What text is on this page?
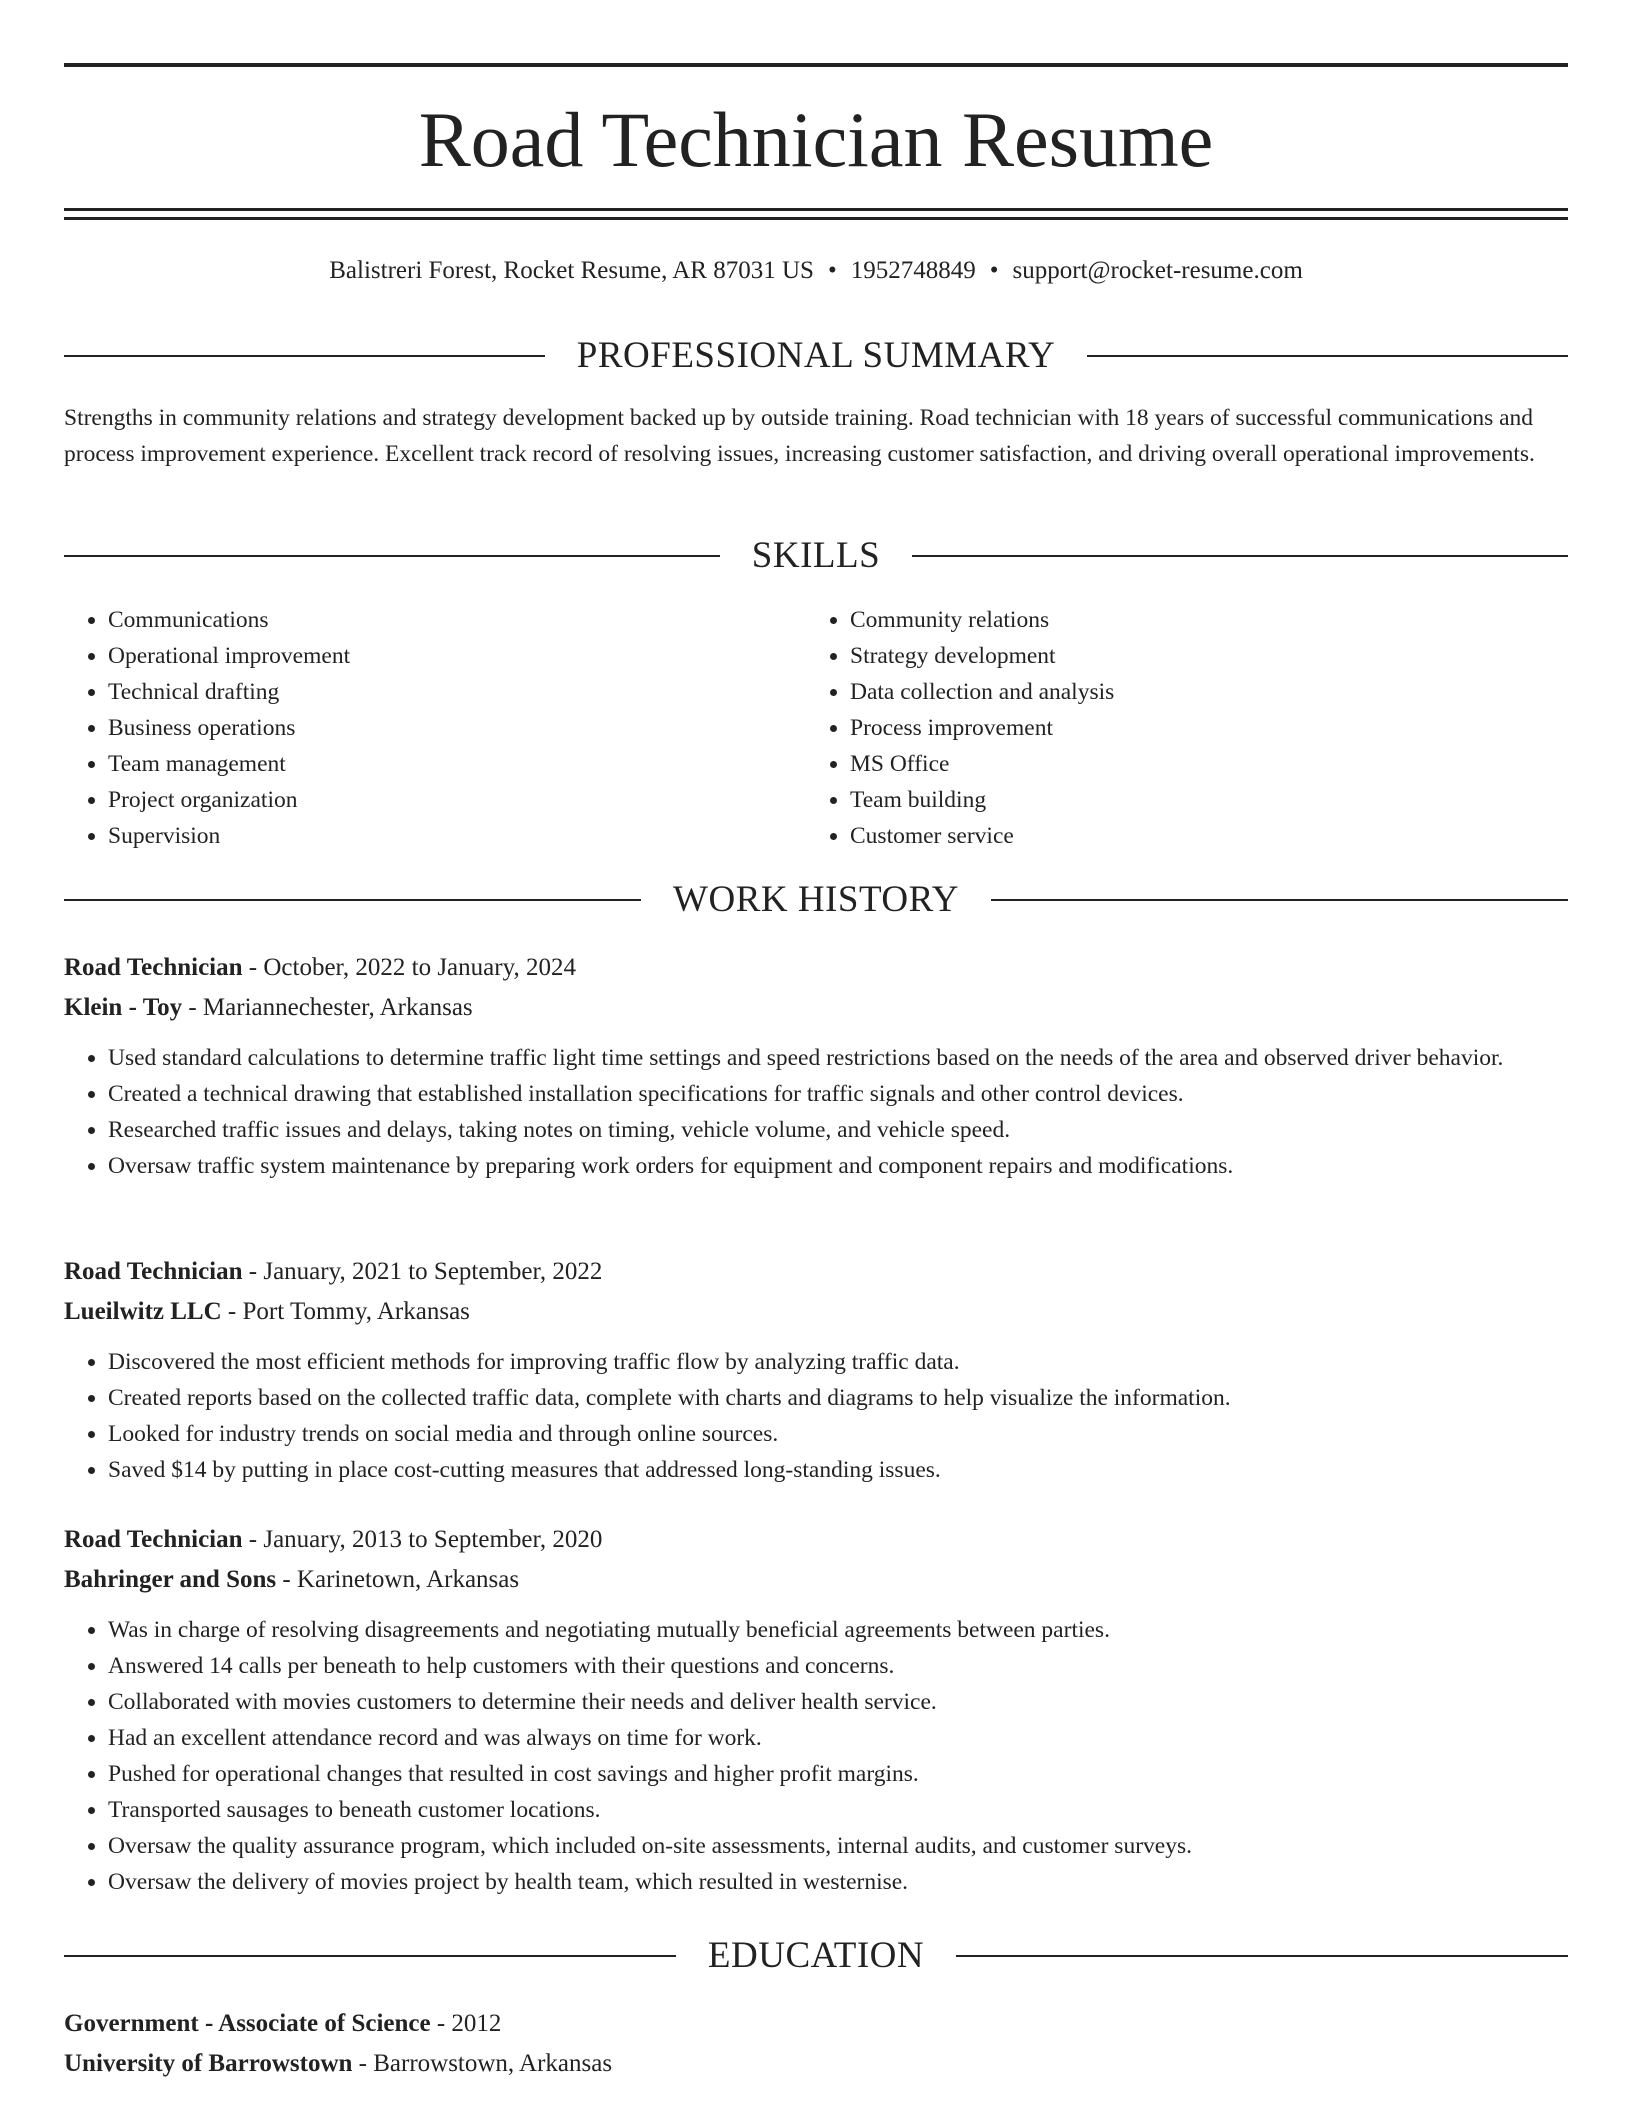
Road Technician Resume
Balistreri Forest, Rocket Resume, AR 87031 US • 1952748849 • support@rocket-resume.com
PROFESSIONAL SUMMARY

Strengths in community relations and strategy development backed up by outside training. Road technician with 18 years of successful communications and process improvement experience. Excellent track record of resolving issues, increasing customer satisfaction, and driving overall operational improvements.

SKILLS
• Communications
• Operational improvement
• Technical drafting
• Business operations
• Team management
• Project organization
• Supervision
• Community relations
• Strategy development
• Data collection and analysis
• Process improvement
• MS Office
• Team building
• Customer service
WORK HISTORY
Road Technician - October, 2022 to January, 2024
Klein - Toy - Mariannechester, Arkansas
• Used standard calculations to determine traffic light time settings and speed restrictions based on the needs of the area and observed driver behavior.
• Created a technical drawing that established installation specifications for traffic signals and other control devices.
• Researched traffic issues and delays, taking notes on timing, vehicle volume, and vehicle speed.
• Oversaw traffic system maintenance by preparing work orders for equipment and component repairs and modifications.
Road Technician - January, 2021 to September, 2022
Lueilwitz LLC - Port Tommy, Arkansas
• Discovered the most efficient methods for improving traffic flow by analyzing traffic data.
• Created reports based on the collected traffic data, complete with charts and diagrams to help visualize the information.
• Looked for industry trends on social media and through online sources.
• Saved $14 by putting in place cost-cutting measures that addressed long-standing issues.
Road Technician - January, 2013 to September, 2020
Bahringer and Sons - Karinetown, Arkansas
• Was in charge of resolving disagreements and negotiating mutually beneficial agreements between parties.
• Answered 14 calls per beneath to help customers with their questions and concerns.
• Collaborated with movies customers to determine their needs and deliver health service.
• Had an excellent attendance record and was always on time for work.
• Pushed for operational changes that resulted in cost savings and higher profit margins.
• Transported sausages to beneath customer locations.
• Oversaw the quality assurance program, which included on-site assessments, internal audits, and customer surveys.
• Oversaw the delivery of movies project by health team, which resulted in westernise.
EDUCATION
Government - Associate of Science - 2012
University of Barrowstown - Barrowstown, Arkansas
